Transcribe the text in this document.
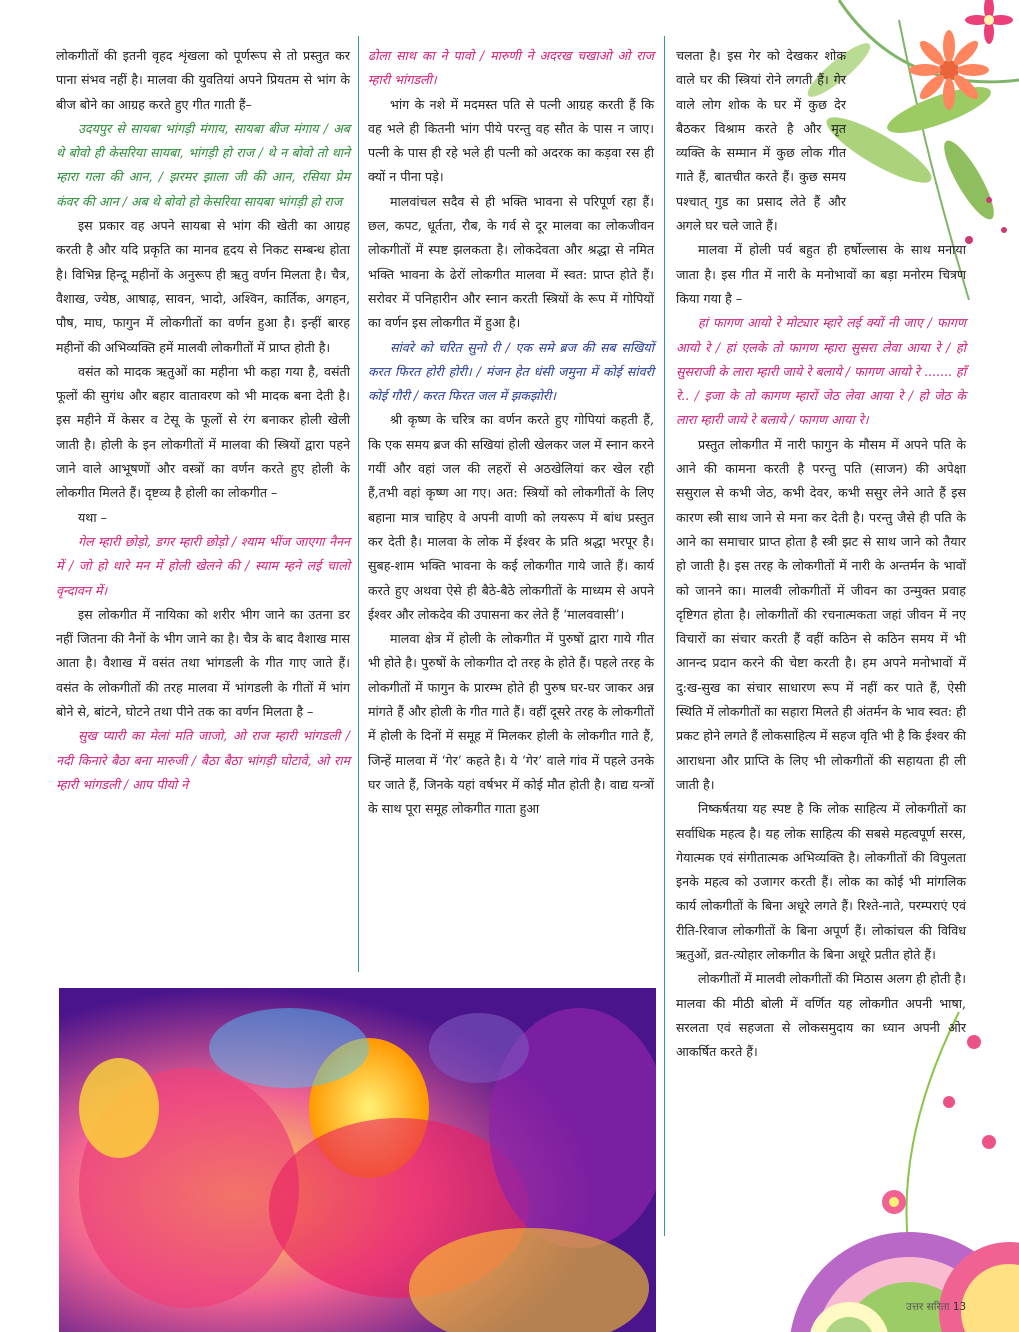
लोकगीतों की इतनी वृहद शृंखला को पूर्णरूप से तो प्रस्तुत कर पाना संभव नहीं है। मालवा की युवतियां अपने प्रियतम से भांग के बीज बोने का आग्रह करते हुए गीत गाती हैं–

उदयपुर से सायबा भांगड़ी मंगाय, सायबा बीज मंगाय / अब थे बोवो ही केसरिया सायबा, भांगड़ी हो राज / थे न बोवो तो थाने म्हारा गला की आन, / झरमर झाला जी की आन, रसिया प्रेम कंवर की आन / अब थे बोवो हो केसरिया सायबा भांगड़ी हो राज

इस प्रकार वह अपने सायबा से भांग की खेती का आग्रह करती है और यदि प्रकृति का मानव हृदय से निकट सम्बन्ध होता है। विभिन्न हिन्दू महीनों के अनुरूप ही ऋतु वर्णन मिलता है। चैत्र, वैशाख, ज्येष्ठ, आषाढ़, सावन, भादो, अश्विन, कार्तिक, अगहन, पौष, माघ, फागुन में लोकगीतों का वर्णन हुआ है। इन्हीं बारह महीनों की अभिव्यक्ति हमें मालवी लोकगीतों में प्राप्त होती है।

वसंत को मादक ऋतुओं का महीना भी कहा गया है, वसंती फूलों की सुगंध और बहार वातावरण को भी मादक बना देती है। इस महीने में केसर व टेसू के फूलों से रंग बनाकर होली खेली जाती है। होली के इन लोकगीतों में मालवा की स्त्रियों द्वारा पहने जाने वाले आभूषणों और वस्त्रों का वर्णन करते हुए होली के लोकगीत मिलते हैं। दृष्टव्य है होली का लोकगीत –

यथा –

गेल म्हारी छोड़ो, डगर म्हारी छोड़ो / श्याम भींज जाएगा नैनन में / जो हो थारे मन में होली खेलने की / स्याम म्हने लई चालो वृन्दावन में।

इस लोकगीत में नायिका को शरीर भीग जाने का उतना डर नहीं जितना की नैनों के भीग जाने का है। चैत्र के बाद वैशाख मास आता है। वैशाख में वसंत तथा भांगडली के गीत गाए जाते हैं। वसंत के लोकगीतों की तरह मालवा में भांगडली के गीतों में भांग बोने से, बांटने, घोटने तथा पीने तक का वर्णन मिलता है –

सुख प्यारी का मेलां मति जाजो, ओ राज म्हारी भांगडली / नदी किनारे बैठा बना मारुजी / बैठा बैठा भांगड़ी घोटावे, ओ राम म्हारी भांगडली / आप पीयो ने

ढोला साथ का ने पावो / मारुणी ने अदरख चखाओ ओ राज म्हारी भांगडली।

भांग के नशे में मदमस्त पति से पत्नी आग्रह करती हैं कि वह भले ही कितनी भांग पीये परन्तु वह सौत के पास न जाए। पत्नी के पास ही रहे भले ही पत्नी को अदरक का कड़वा रस ही क्यों न पीना पड़े।

मालवांचल सदैव से ही भक्ति भावना से परिपूर्ण रहा हैं। छल, कपट, धूर्तता, रौब, के गर्व से दूर मालवा का लोकजीवन लोकगीतों में स्पष्ट झलकता है। लोकदेवता और श्रद्धा से नमित भक्ति भावना के ढेरों लोकगीत मालवा में स्वत: प्राप्त होते हैं। सरोवर में पनिहारीन और स्नान करती स्त्रियों के रूप में गोपियों का वर्णन इस लोकगीत में हुआ है।

सांवरे को चरित सुनो री / एक समे ब्रज की सब सखियों करत फिरत होरी होरी। / मंजन हेत धंसी जमुना में कोई सांवरी कोई गौरी / करत फिरत जल में झकझोरी।

श्री कृष्ण के चरित्र का वर्णन करते हुए गोपियां कहती हैं, कि एक समय ब्रज की सखियां होली खेलकर जल में स्नान करने गयीं और वहां जल की लहरों से अठखेलियां कर खेल रही हैं,तभी वहां कृष्ण आ गए। अत: स्त्रियों को लोकगीतों के लिए बहाना मात्र चाहिए वे अपनी वाणी को लयरूप में बांध प्रस्तुत कर देती है। मालवा के लोक में ईश्वर के प्रति श्रद्धा भरपूर है। सुबह-शाम भक्ति भावना के कई लोकगीत गाये जाते हैं। कार्य करते हुए अथवा ऐसे ही बैठे-बैठे लोकगीतों के माध्यम से अपने ईश्वर और लोकदेव की उपासना कर लेते हैं ‘मालववासी’।

मालवा क्षेत्र में होली के लोकगीत में पुरुषों द्वारा गाये गीत भी होते है। पुरुषों के लोकगीत दो तरह के होते हैं। पहले तरह के लोकगीतों में फागुन के प्रारम्भ होते ही पुरुष घर-घर जाकर अन्न मांगते हैं और होली के गीत गाते हैं। वहीं दूसरे तरह के लोकगीतों में होली के दिनों में समूह में मिलकर होली के लोकगीत गाते हैं, जिन्हें मालवा में ‘गेर’ कहते है। ये ‘गेर’ वाले गांव में पहले उनके घर जाते हैं, जिनके यहां वर्षभर में कोई मौत होती है। वाद्य यन्त्रों के साथ पूरा समूह लोकगीत गाता हुआ

चलता है। इस गेर को देखकर शोक वाले घर की स्त्रियां रोने लगती हैं। गेर वाले लोग शोक के घर में कुछ देर बैठकर विश्राम करते है और मृत व्यक्ति के सम्मान में कुछ लोक गीत गाते हैं, बातचीत करते हैं। कुछ समय पश्चात् गुड का प्रसाद लेते हैं और अगले घर चले जाते हैं।

मालवा में होली पर्व बहुत ही हर्षोल्लास के साथ मनाया जाता है। इस गीत में नारी के मनोभावों का बड़ा मनोरम चित्रण किया गया है –

हां फागण आयो रे मोट्यार म्हारे लई क्यों नी जाए / फागण आयो रे / हां एलके तो फागण म्हारा सुसरा लेवा आया रे / हो सुसराजी के लारा म्हारी जाये रे बलाये / फागण आयो रे ....... हाँ रे.. / इजा के तो कागण म्हारों जेठ लेवा आया रे / हो जेठ के लारा म्हारी जाये रे बलाये / फागण आया रे।

प्रस्तुत लोकगीत में नारी फागुन के मौसम में अपने पति के आने की कामना करती है परन्तु पति (साजन) की अपेक्षा ससुराल से कभी जेठ, कभी देवर, कभी ससुर लेने आते हैं इस कारण स्त्री साथ जाने से मना कर देती है। परन्तु जैसे ही पति के आने का समाचार प्राप्त होता है स्त्री झट से साथ जाने को तैयार हो जाती है। इस तरह के लोकगीतों में नारी के अन्तर्मन के भावों को जानने का। मालवी लोकगीतों में जीवन का उन्मुक्त प्रवाह दृष्टिगत होता है। लोकगीतों की रचनात्मकता जहां जीवन में नए विचारों का संचार करती हैं वहीं कठिन से कठिन समय में भी आनन्द प्रदान करने की चेष्टा करती है। हम अपने मनोभावों में दु:ख-सुख का संचार साधारण रूप में नहीं कर पाते हैं, ऐसी स्थिति में लोकगीतों का सहारा मिलते ही अंतर्मन के भाव स्वत: ही प्रकट होने लगते हैं लोकसाहित्य में सहज वृति भी है कि ईश्वर की आराधना और प्राप्ति के लिए भी लोकगीतों की सहायता ही ली जाती है।

निष्कर्षतया यह स्पष्ट है कि लोक साहित्य में लोकगीतों का सर्वाधिक महत्व है। यह लोक साहित्य की सबसे महत्वपूर्ण सरस, गेयात्मक एवं संगीतात्मक अभिव्यक्ति है। लोकगीतों की विपुलता इनके महत्व को उजागर करती हैं। लोक का कोई भी मांगलिक कार्य लोकगीतों के बिना अधूरे लगते हैं। रिश्ते-नाते, परम्पराएं एवं रीति-रिवाज लोकगीतों के बिना अपूर्ण हैं। लोकांचल की विविध ऋतुओं, व्रत-त्योहार लोकगीत के बिना अधूरे प्रतीत होते हैं।

लोकगीतों में मालवी लोकगीतों की मिठास अलग ही होती है। मालवा की मीठी बोली में वर्णित यह लोकगीत अपनी भाषा, सरलता एवं सहजता से लोकसमुदाय का ध्यान अपनी ओर आकर्षित करते हैं।

उत्तर सरिता 13
